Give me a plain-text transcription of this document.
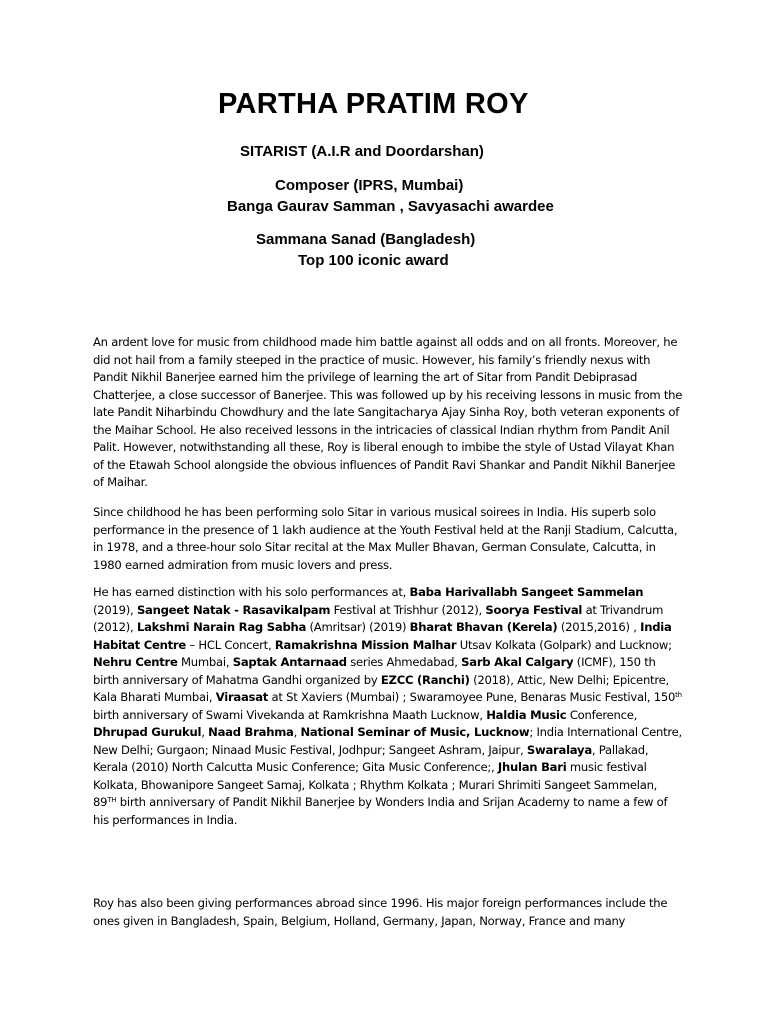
PARTHA PRATIM ROY
SITARIST (A.I.R and Doordarshan)
Composer (IPRS, Mumbai)
Banga Gaurav Samman , Savyasachi awardee
Sammana Sanad (Bangladesh)
Top 100 iconic award

An ardent love for music from childhood made him battle against all odds and on all fronts. Moreover, he did not hail from a family steeped in the practice of music. However, his family’s friendly nexus with Pandit Nikhil Banerjee earned him the privilege of learning the art of Sitar from Pandit Debiprasad Chatterjee, a close successor of Banerjee. This was followed up by his receiving lessons in music from the late Pandit Niharbindu Chowdhury and the late Sangitacharya Ajay Sinha Roy, both veteran exponents of the Maihar School. He also received lessons in the intricacies of classical Indian rhythm from Pandit Anil Palit. However, notwithstanding all these, Roy is liberal enough to imbibe the style of Ustad Vilayat Khan of the Etawah School alongside the obvious influences of Pandit Ravi Shankar and Pandit Nikhil Banerjee of Maihar.

Since childhood he has been performing solo Sitar in various musical soirees in India. His superb solo performance in the presence of 1 lakh audience at the Youth Festival held at the Ranji Stadium, Calcutta, in 1978, and a three-hour solo Sitar recital at the Max Muller Bhavan, German Consulate, Calcutta, in 1980 earned admiration from music lovers and press.

He has earned distinction with his solo performances at, Baba Harivallabh Sangeet Sammelan (2019), Sangeet Natak - Rasavikalpam Festival at Trishhur (2012), Soorya Festival at Trivandrum (2012), Lakshmi Narain Rag Sabha (Amritsar) (2019) Bharat Bhavan (Kerela) (2015,2016) , India Habitat Centre – HCL Concert, Ramakrishna Mission Malhar Utsav Kolkata (Golpark) and Lucknow; Nehru Centre Mumbai, Saptak Antarnaad series Ahmedabad, Sarb Akal Calgary (ICMF), 150 th birth anniversary of Mahatma Gandhi organized by EZCC (Ranchi) (2018), Attic, New Delhi; Epicentre, Kala Bharati Mumbai, Viraasat at St Xaviers (Mumbai) ; Swaramoyee Pune, Benaras Music Festival, 150th birth anniversary of Swami Vivekanda at Ramkrishna Maath Lucknow, Haldia Music Conference, Dhrupad Gurukul, Naad Brahma, National Seminar of Music, Lucknow; India International Centre, New Delhi; Gurgaon; Ninaad Music Festival, Jodhpur; Sangeet Ashram, Jaipur, Swaralaya, Pallakad, Kerala (2010) North Calcutta Music Conference; Gita Music Conference;, Jhulan Bari music festival Kolkata, Bhowanipore Sangeet Samaj, Kolkata ; Rhythm Kolkata ; Murari Shrimiti Sangeet Sammelan, 89TH birth anniversary of Pandit Nikhil Banerjee by Wonders India and Srijan Academy to name a few of his performances in India.

Roy has also been giving performances abroad since 1996. His major foreign performances include the ones given in Bangladesh, Spain, Belgium, Holland, Germany, Japan, Norway, France and many
